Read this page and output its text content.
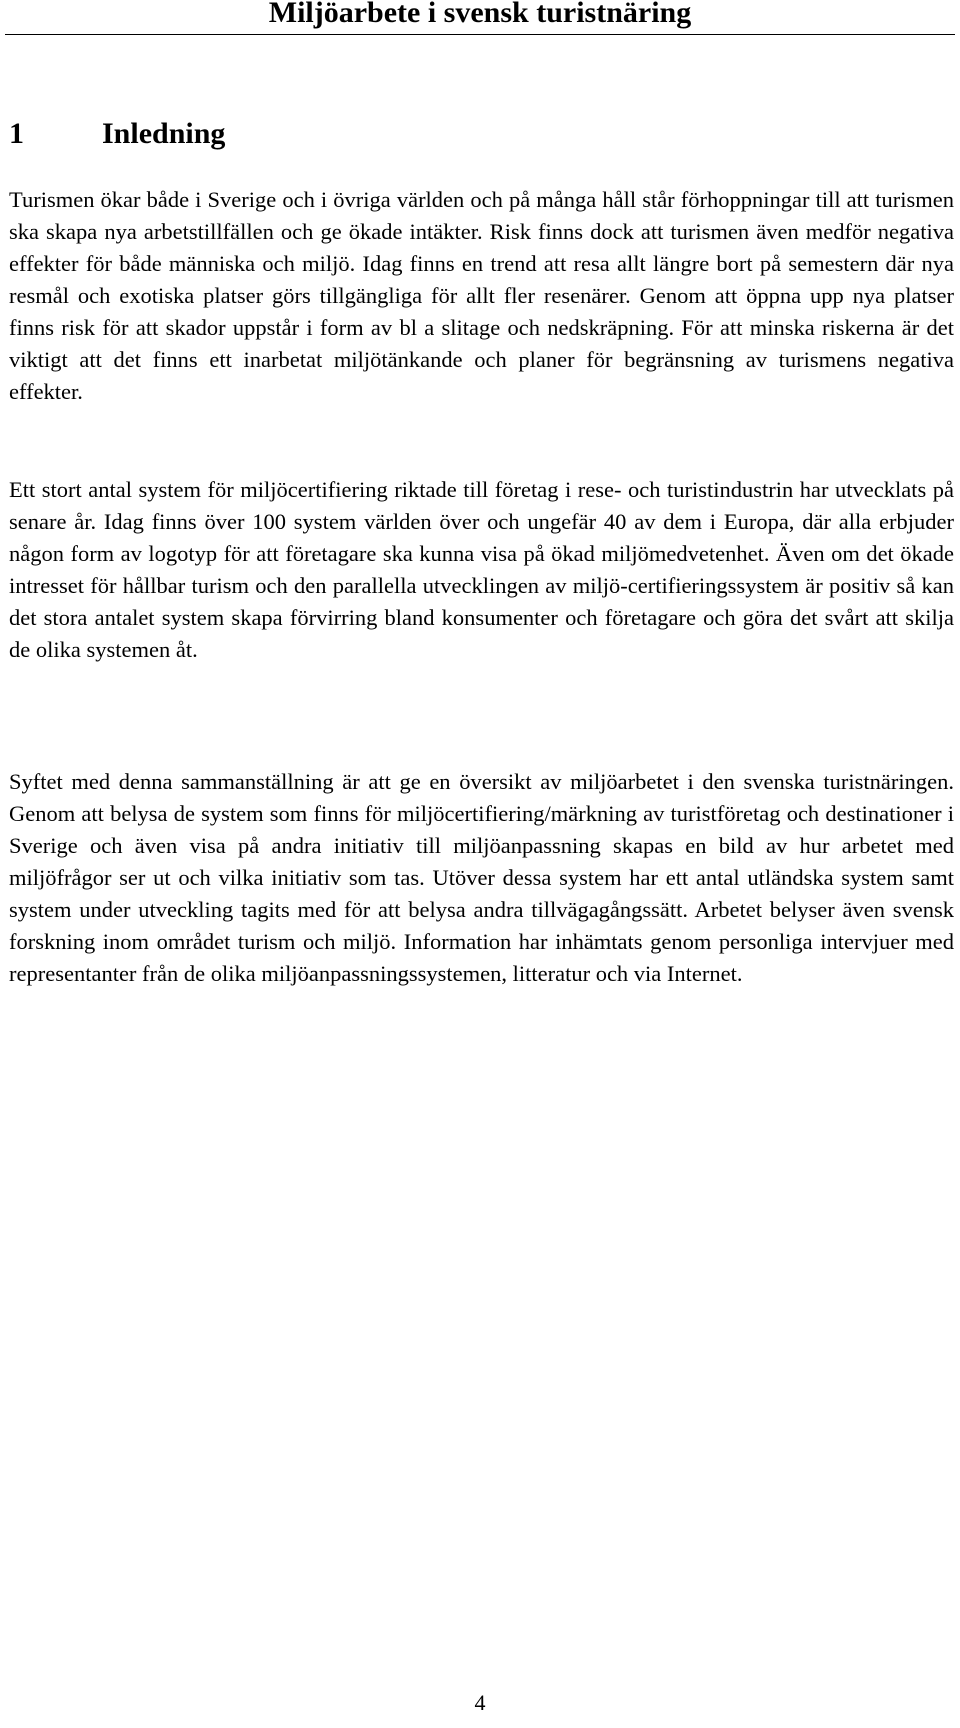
Miljöarbete i svensk turistnäring
1	Inledning

Turismen ökar både i Sverige och i övriga världen och på många håll står förhoppningar till att turismen ska skapa nya arbetstillfällen och ge ökade intäkter. Risk finns dock att turismen även medför negativa effekter för både människa och miljö. Idag finns en trend att resa allt längre bort på semestern där nya resmål och exotiska platser görs tillgängliga för allt fler resenärer. Genom att öppna upp nya platser finns risk för att skador uppstår i form av bl a slitage och nedskräpning. För att minska riskerna är det viktigt att det finns ett inarbetat miljötänkande och planer för begränsning av turismens negativa effekter.

Ett stort antal system för miljöcertifiering riktade till företag i rese- och turistindustrin har utvecklats på senare år. Idag finns över 100 system världen över och ungefär 40 av dem i Europa, där alla erbjuder någon form av logotyp för att företagare ska kunna visa på ökad miljömedvetenhet. Även om det ökade intresset för hållbar turism och den parallella utvecklingen av miljö-certifieringssystem är positiv så kan det stora antalet system skapa förvirring bland konsumenter och företagare och göra det svårt att skilja de olika systemen åt.

Syftet med denna sammanställning är att ge en översikt av miljöarbetet i den svenska turistnäringen. Genom att belysa de system som finns för miljöcertifiering/märkning av turistföretag och destinationer i Sverige och även visa på andra initiativ till miljöanpassning skapas en bild av hur arbetet med miljöfrågor ser ut och vilka initiativ som tas. Utöver dessa system har ett antal utländska system samt system under utveckling tagits med för att belysa andra tillvägagångssätt. Arbetet belyser även svensk forskning inom området turism och miljö. Information har inhämtats genom personliga intervjuer med representanter från de olika miljöanpassningssystemen, litteratur och via Internet.

4
